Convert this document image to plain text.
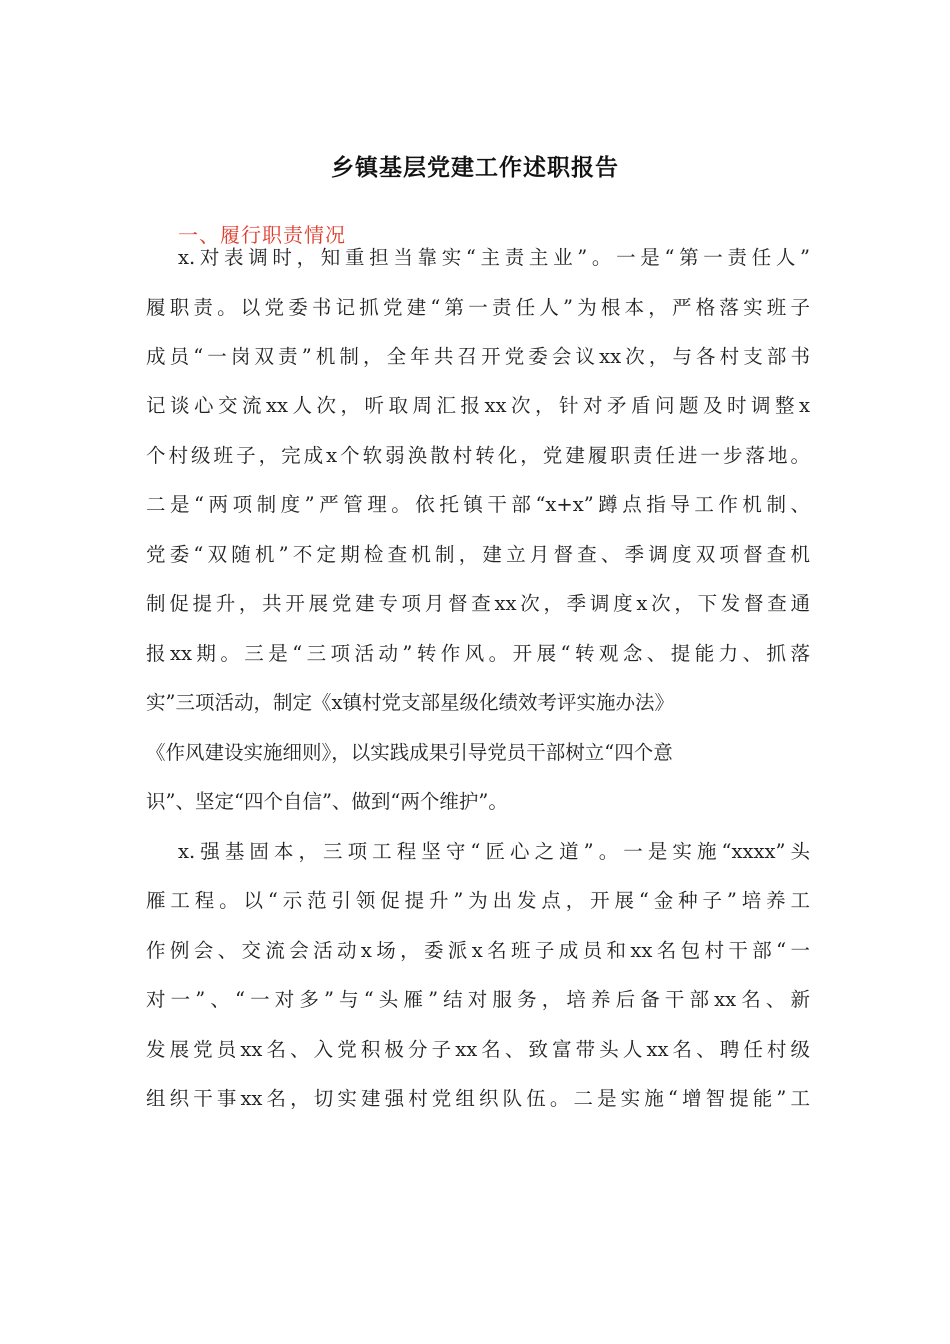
乡镇基层党建工作述职报告
一、履行职责情况
x.对表调时，知重担当靠实“主责主业”。一是“第一责任人”
履职责。以党委书记抓党建“第一责任人”为根本，严格落实班子
成员“一岗双责”机制，全年共召开党委会议xx次，与各村支部书
记谈心交流xx人次，听取周汇报xx次，针对矛盾问题及时调整x
个村级班子，完成x个软弱涣散村转化，党建履职责任进一步落地。
二是“两项制度”严管理。依托镇干部“x+x”蹲点指导工作机制、
党委“双随机”不定期检查机制，建立月督查、季调度双项督查机
制促提升，共开展党建专项月督查xx次，季调度x次，下发督查通
报xx期。三是“三项活动”转作风。开展“转观念、提能力、抓落
实”三项活动，制定《x镇村党支部星级化绩效考评实施办法》
《作风建设实施细则》，以实践成果引导党员干部树立“四个意
识”、坚定“四个自信”、做到“两个维护”。
x.强基固本，三项工程坚守“匠心之道”。一是实施“xxxx”头
雁工程。以“示范引领促提升”为出发点，开展“金种子”培养工
作例会、交流会活动x场，委派x名班子成员和xx名包村干部“一
对一”、“一对多”与“头雁”结对服务，培养后备干部xx名、新
发展党员xx名、入党积极分子xx名、致富带头人xx名、聘任村级
组织干事xx名，切实建强村党组织队伍。二是实施“增智提能”工
